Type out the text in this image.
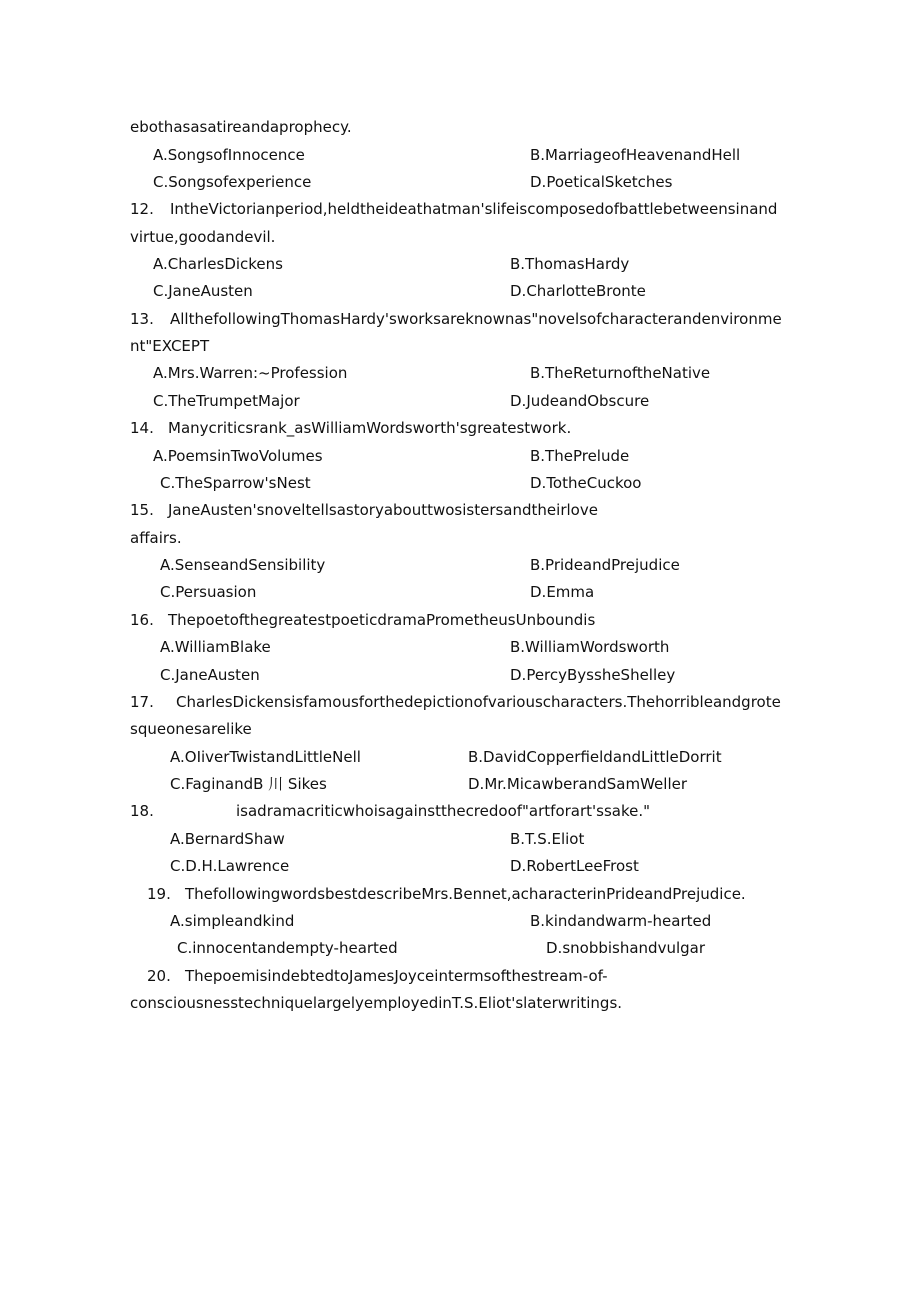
ebothasasatireandaprophecy.
A.SongsofInnocence	B.MarriageofHeavenandHell
C.Songsofexperience	D.PoeticalSketches
12. IntheVictorianperiod,heldtheideathatman'slifeiscomposedofbattlebetweensinand
virtue,goodandevil.
A.CharlesDickens	B.ThomasHardy
C.JaneAusten	D.CharlotteBronte
13. AllthefollowingThomasHardy'sworksareknownas"novelsofcharacterandenvironme
nt"EXCEPT
A.Mrs.Warren:~Profession	B.TheReturnoftheNative
C.TheTrumpetMajor	D.JudeandObscure
14. Manycriticsrank_asWilliamWordsworth'sgreatestwork.
A.PoemsinTwoVolumes	B.ThePrelude
C.TheSparrow'sNest	D.TotheCuckoo
15. JaneAusten'snoveltellsastoryabouttwosistersandtheirlove
affairs.
A.SenseandSensibility	B.PrideandPrejudice
C.Persuasion	D.Emma
16. ThepoetofthegreatestpoeticdramaPrometheusUnboundis
A.WilliamBlake	B.WilliamWordsworth
C.JaneAusten	D.PercyByssheShelley
17. CharlesDickensisfamousforthedepictionofvariouscharacters.Thehorribleandgrote
squeonesarelike
A.OIiverTwistandLittleNell	B.DavidCopperfieldandLittleDorrit
C.FaginandB 川 Sikes	D.Mr.MicawberandSamWeller
18.	isadramacriticwhoisagainstthecredoof"artforart'ssake."
A.BernardShaw	B.T.S.Eliot
C.D.H.Lawrence	D.RobertLeeFrost
19. ThefollowingwordsbestdescribeMrs.Bennet,acharacterinPrideandPrejudice.
A.simpleandkind	B.kindandwarm-hearted
C.innocentandempty-hearted	D.snobbishandvulgar
20. ThepoemisindebtedtoJamesJoyceintermsofthestream-of-
consciousnesstechniquelargelyemployedinT.S.Eliot'slaterwritings.
